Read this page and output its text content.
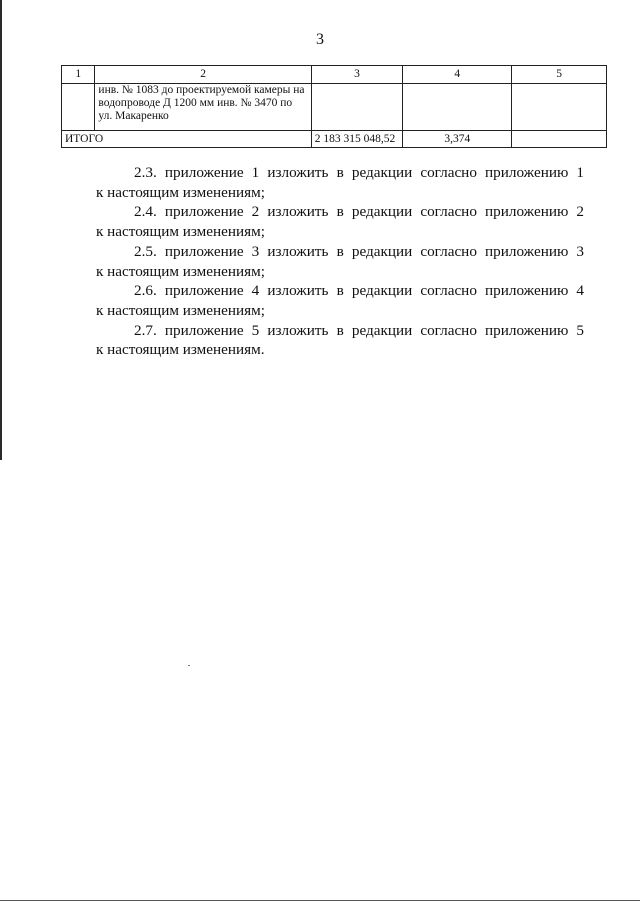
3
1	2	3	4	5
	инв. № 1083 до проектируемой камеры на водопроводе Д 1200 мм инв. № 3470 по ул. Макаренко			
ИТОГО		2 183 315 048,52	3,374	

2.3. приложение 1 изложить в редакции согласно приложению 1
к настоящим изменениям;

2.4. приложение 2 изложить в редакции согласно приложению 2
к настоящим изменениям;

2.5. приложение 3 изложить в редакции согласно приложению 3
к настоящим изменениям;

2.6. приложение 4 изложить в редакции согласно приложению 4
к настоящим изменениям;

2.7. приложение 5 изложить в редакции согласно приложению 5
к настоящим изменениям.
